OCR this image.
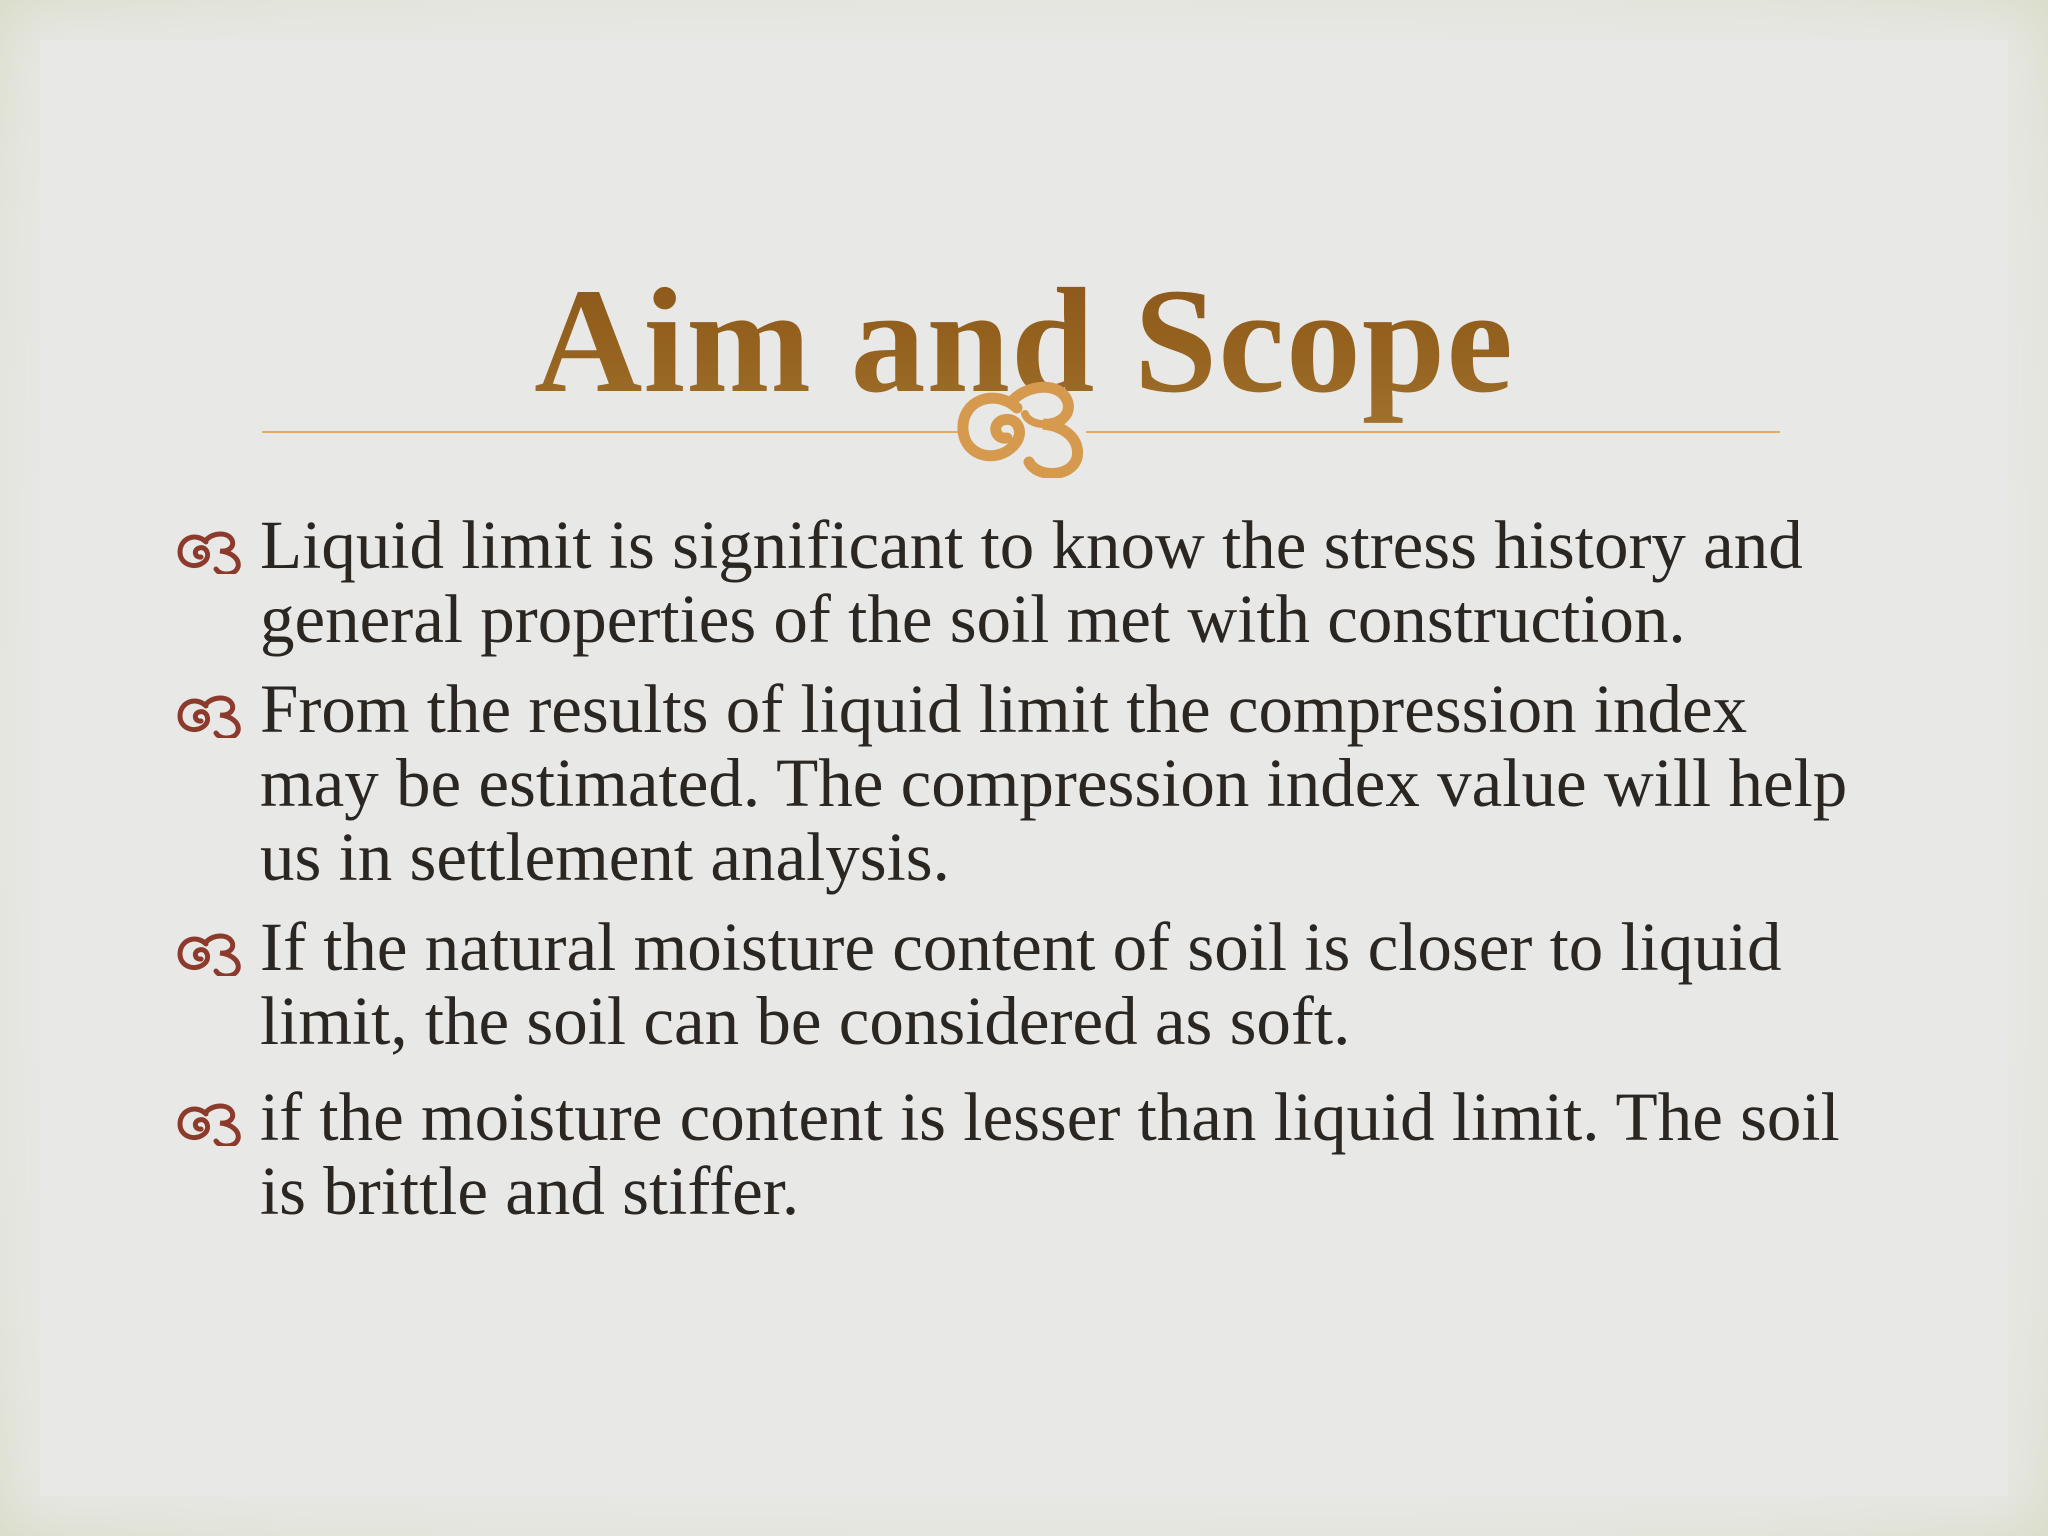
Aim and Scope
Liquid limit is significant to know the stress history and general properties of the soil met with construction.
From the results of liquid limit the compression index may be estimated. The compression index value will help us in settlement analysis.
If the natural moisture content of soil is closer to liquid limit, the soil can be considered as soft.
if the moisture content is lesser than liquid limit. The soil is brittle and stiffer.
